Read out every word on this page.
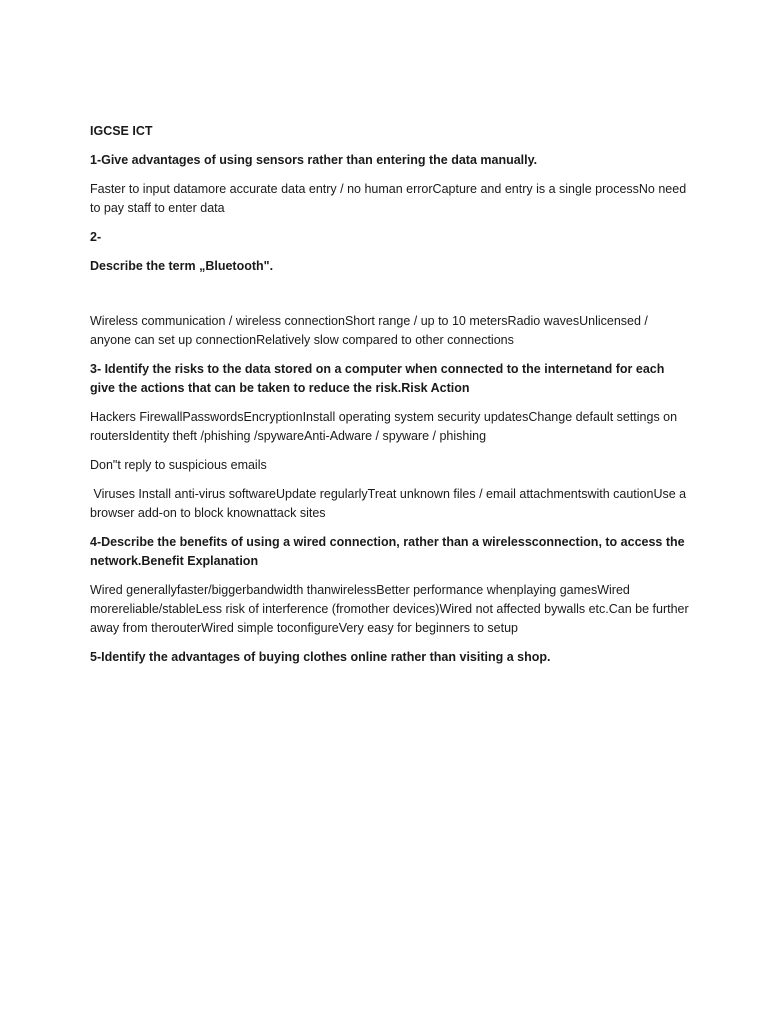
IGCSE ICT

1-Give advantages of using sensors rather than entering the data manually.

Faster to input datamore accurate data entry / no human errorCapture and entry is a single processNo need to pay staff to enter data

2-

Describe the term „Bluetooth".

Wireless communication / wireless connectionShort range / up to 10 metersRadio wavesUnlicensed / anyone can set up connectionRelatively slow compared to other connections

3- Identify the risks to the data stored on a computer when connected to the internetand for each give the actions that can be taken to reduce the risk.Risk Action

Hackers FirewallPasswordsEncryptionInstall operating system security updatesChange default settings on routersIdentity theft /phishing /spywareAnti-Adware / spyware / phishing

Don"t reply to suspicious emails

Viruses Install anti-virus softwareUpdate regularlyTreat unknown files / email attachmentswith cautionUse a browser add-on to block knownattack sites

4-Describe the benefits of using a wired connection, rather than a wirelessconnection, to access the network.Benefit Explanation

Wired generallyfaster/biggerbandwidth thanwirelessBetter performance whenplaying gamesWired morereliable/stableLess risk of interference (fromother devices)Wired not affected bywalls etc.Can be further away from therouterWired simple toconfigureVery easy for beginners to setup

5-Identify the advantages of buying clothes online rather than visiting a shop.
